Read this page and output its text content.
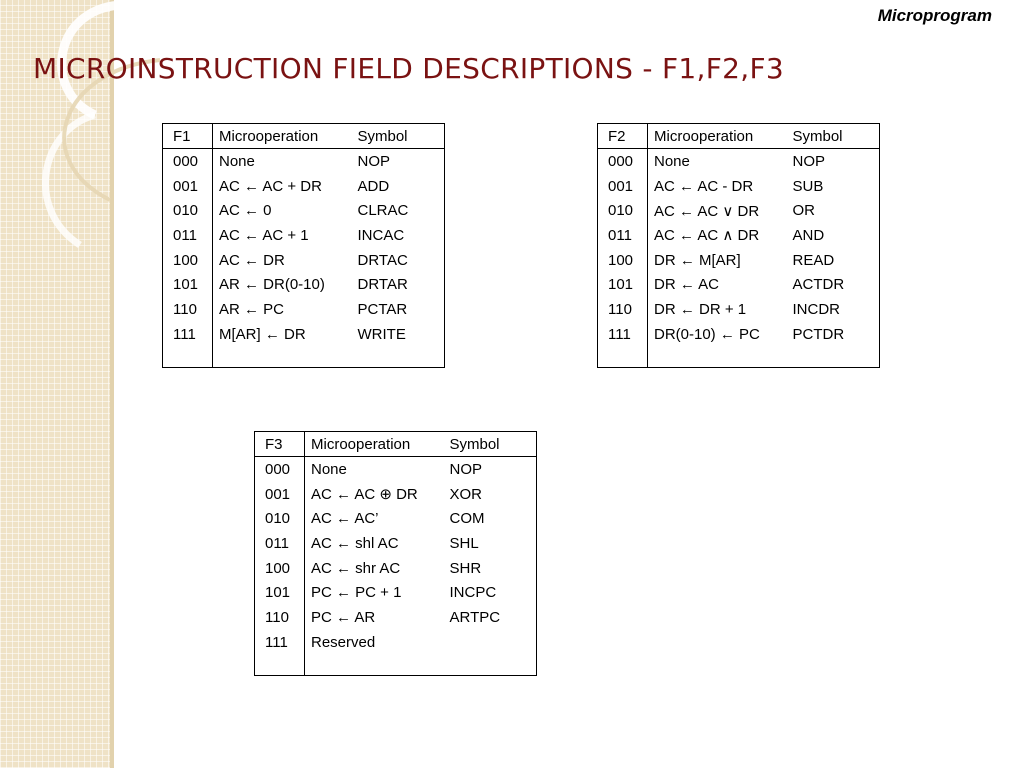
Microprogram
MICROINSTRUCTION FIELD DESCRIPTIONS - F1,F2,F3
F1	Microoperation	Symbol
000	None	NOP
001	AC ← AC + DR	ADD
010	AC ← 0	CLRAC
011	AC ← AC + 1	INCAC
100	AC ← DR	DRTAC
101	AR ← DR(0-10)	DRTAR
110	AR ← PC	PCTAR
111	M[AR] ← DR	WRITE

F2	Microoperation	Symbol
000	None	NOP
001	AC ← AC - DR	SUB
010	AC ← AC ∨ DR	OR
011	AC ← AC ∧ DR	AND
100	DR ← M[AR]	READ
101	DR ← AC	ACTDR
110	DR ← DR + 1	INCDR
111	DR(0-10) ← PC	PCTDR

F3	Microoperation	Symbol
000	None	NOP
001	AC ← AC ⊕ DR	XOR
010	AC ← AC’	COM
011	AC ← shl AC	SHL
100	AC ← shr AC	SHR
101	PC ← PC + 1	INCPC
110	PC ← AR	ARTPC
111	Reserved	
